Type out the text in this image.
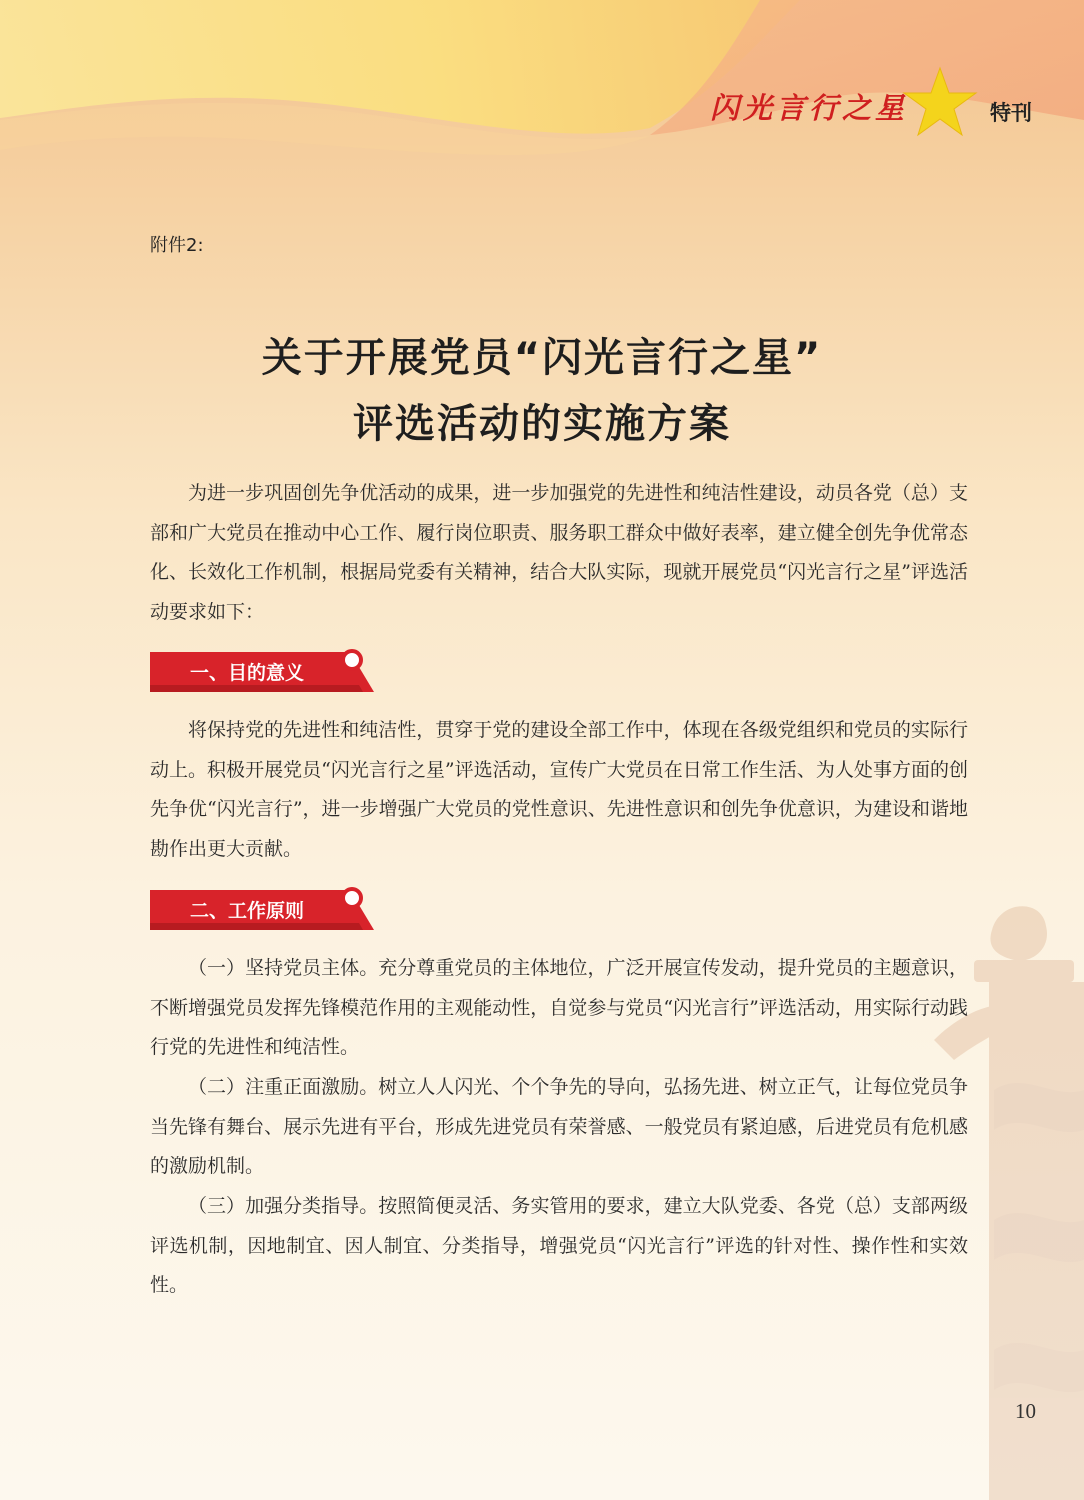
闪光言行之星	特刊
附件2:
关于开展党员“闪光言行之星”
评选活动的实施方案

为进一步巩固创先争优活动的成果，进一步加强党的先进性和纯洁性建设，动员各党（总）支部和广大党员在推动中心工作、履行岗位职责、服务职工群众中做好表率，建立健全创先争优常态化、长效化工作机制，根据局党委有关精神，结合大队实际，现就开展党员“闪光言行之星”评选活动要求如下：

一、目的意义

将保持党的先进性和纯洁性，贯穿于党的建设全部工作中，体现在各级党组织和党员的实际行动上。积极开展党员“闪光言行之星”评选活动，宣传广大党员在日常工作生活、为人处事方面的创先争优“闪光言行”，进一步增强广大党员的党性意识、先进性意识和创先争优意识，为建设和谐地勘作出更大贡献。

二、工作原则

（一）坚持党员主体。充分尊重党员的主体地位，广泛开展宣传发动，提升党员的主题意识，不断增强党员发挥先锋模范作用的主观能动性，自觉参与党员“闪光言行”评选活动，用实际行动践行党的先进性和纯洁性。

（二）注重正面激励。树立人人闪光、个个争先的导向，弘扬先进、树立正气，让每位党员争当先锋有舞台、展示先进有平台，形成先进党员有荣誉感、一般党员有紧迫感，后进党员有危机感的激励机制。

（三）加强分类指导。按照简便灵活、务实管用的要求，建立大队党委、各党（总）支部两级评选机制，因地制宜、因人制宜、分类指导，增强党员“闪光言行”评选的针对性、操作性和实效性。

10
